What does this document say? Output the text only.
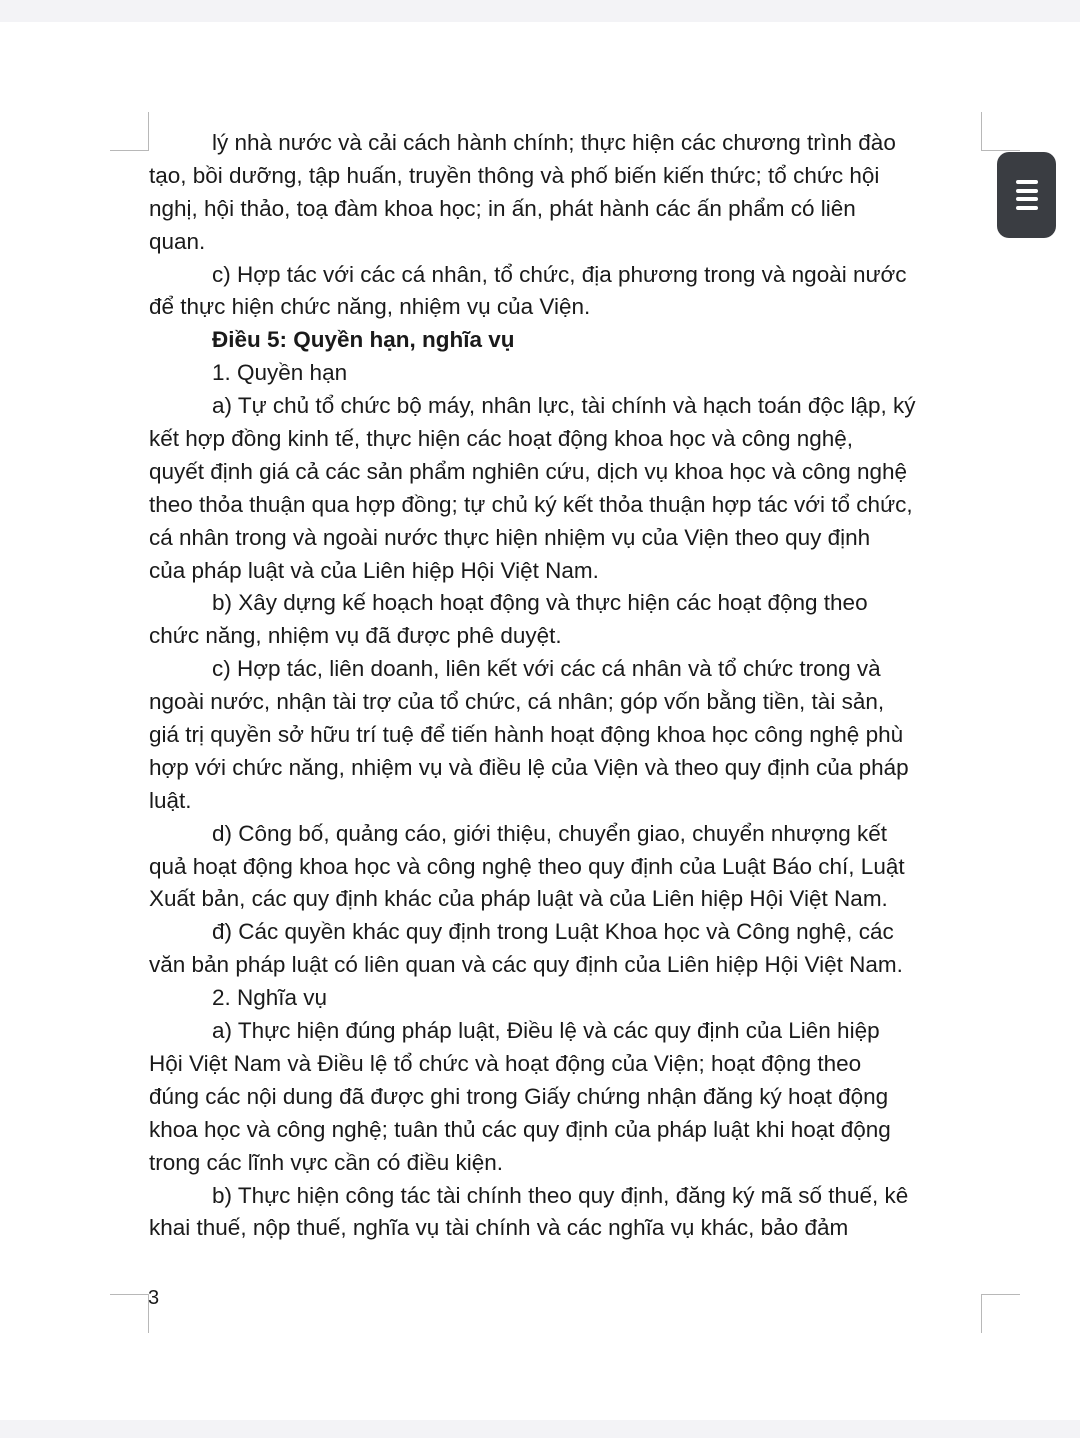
lý nhà nước và cải cách hành chính; thực hiện các chương trình đào
tạo, bồi dưỡng, tập huấn, truyền thông và phố biến kiến thức; tổ chức hội
nghị, hội thảo, toạ đàm khoa học; in ấn, phát hành các ấn phẩm có liên
quan.
c) Hợp tác với các cá nhân, tổ chức, địa phương trong và ngoài nước
để thực hiện chức năng, nhiệm vụ của Viện.
Điều 5: Quyền hạn, nghĩa vụ
1. Quyền hạn
a) Tự chủ tổ chức bộ máy, nhân lực, tài chính và hạch toán độc lập, ký
kết hợp đồng kinh tế, thực hiện các hoạt động khoa học và công nghệ,
quyết định giá cả các sản phẩm nghiên cứu, dịch vụ khoa học và công nghệ
theo thỏa thuận qua hợp đồng; tự chủ ký kết thỏa thuận hợp tác với tổ chức,
cá nhân trong và ngoài nước thực hiện nhiệm vụ của Viện theo quy định
của pháp luật và của Liên hiệp Hội Việt Nam.
b) Xây dựng kế hoạch hoạt động và thực hiện các hoạt động theo
chức năng, nhiệm vụ đã được phê duyệt.
c) Hợp tác, liên doanh, liên kết với các cá nhân và tổ chức trong và
ngoài nước, nhận tài trợ của tổ chức, cá nhân; góp vốn bằng tiền, tài sản,
giá trị quyền sở hữu trí tuệ để tiến hành hoạt động khoa học công nghệ phù
hợp với chức năng, nhiệm vụ và điều lệ của Viện và theo quy định của pháp
luật.
d) Công bố, quảng cáo, giới thiệu, chuyển giao, chuyển nhượng kết
quả hoạt động khoa học và công nghệ theo quy định của Luật Báo chí, Luật
Xuất bản, các quy định khác của pháp luật và của Liên hiệp Hội Việt Nam.
đ) Các quyền khác quy định trong Luật Khoa học và Công nghệ, các
văn bản pháp luật có liên quan và các quy định của Liên hiệp Hội Việt Nam.
2. Nghĩa vụ
a) Thực hiện đúng pháp luật, Điều lệ và các quy định của Liên hiệp
Hội Việt Nam và Điều lệ tổ chức và hoạt động của Viện; hoạt động theo
đúng các nội dung đã được ghi trong Giấy chứng nhận đăng ký hoạt động
khoa học và công nghệ; tuân thủ các quy định của pháp luật khi hoạt động
trong các lĩnh vực cần có điều kiện.
b) Thực hiện công tác tài chính theo quy định, đăng ký mã số thuế, kê
khai thuế, nộp thuế, nghĩa vụ tài chính và các nghĩa vụ khác, bảo đảm
3
